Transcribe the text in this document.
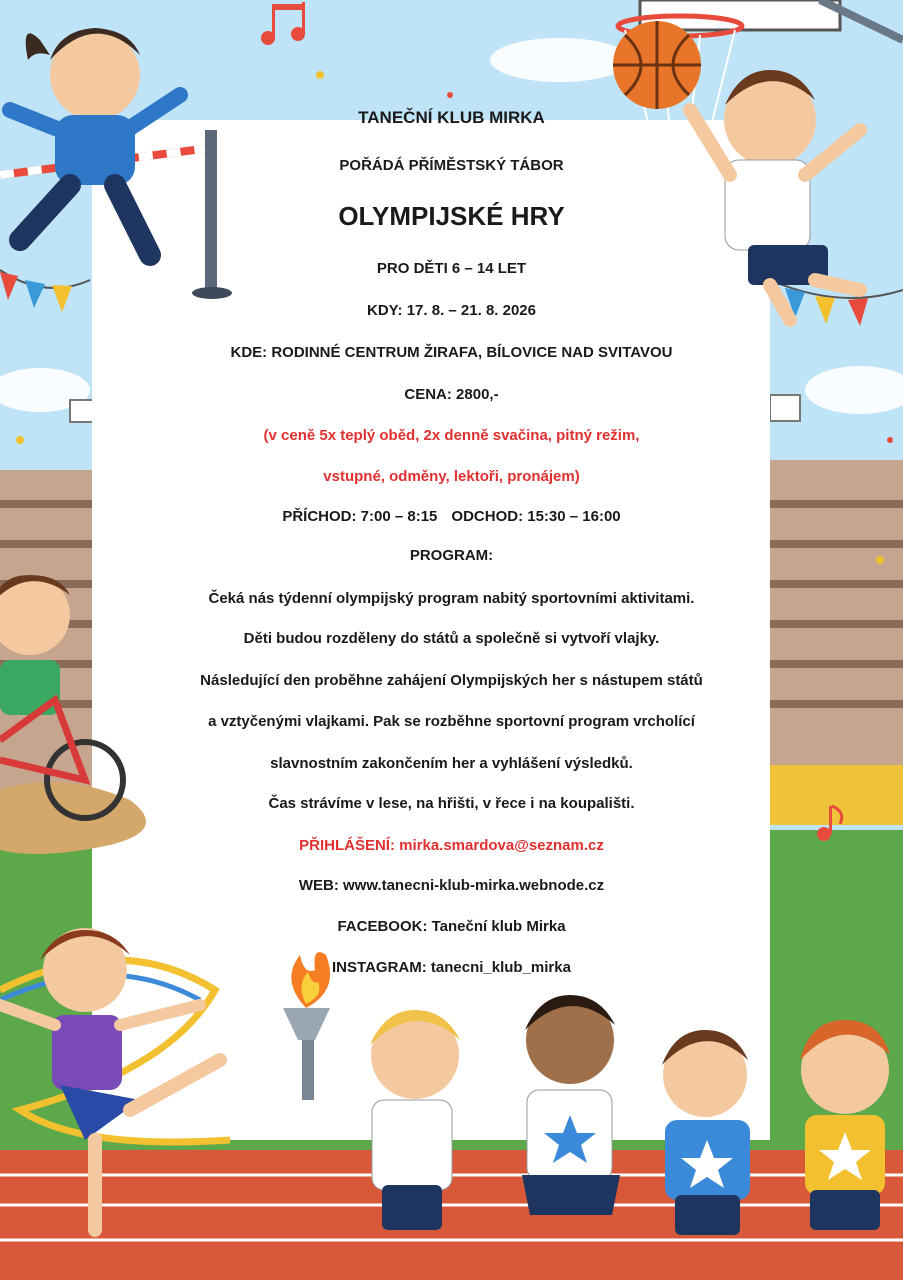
TANEČNÍ KLUB MIRKA
POŘÁDÁ PŘÍMĚSTSKÝ TÁBOR
OLYMPIJSKÉ HRY
PRO DĚTI 6 – 14 LET
KDY: 17. 8. – 21. 8. 2026
KDE: RODINNÉ CENTRUM ŽIRAFA, BÍLOVICE NAD SVITAVOU
CENA: 2800,-
(v ceně 5x teplý oběd, 2x denně svačina, pitný režim,
vstupné, odměny, lektoři, pronájem)
PŘÍCHOD: 7:00 – 8:15 ODCHOD: 15:30 – 16:00
PROGRAM:
Čeká nás týdenní olympijský program nabitý sportovními aktivitami.
Děti budou rozděleny do států a společně si vytvoří vlajky.
Následující den proběhne zahájení Olympijských her s nástupem států
a vztyčenými vlajkami. Pak se rozběhne sportovní program vrcholící
slavnostním zakončením her a vyhlášení výsledků.
Čas strávíme v lese, na hřišti, v řece i na koupališti.
PŘIHLÁŠENÍ: mirka.smardova@seznam.cz
WEB: www.tanecni-klub-mirka.webnode.cz
FACEBOOK: Taneční klub Mirka
INSTAGRAM: tanecni_klub_mirka
